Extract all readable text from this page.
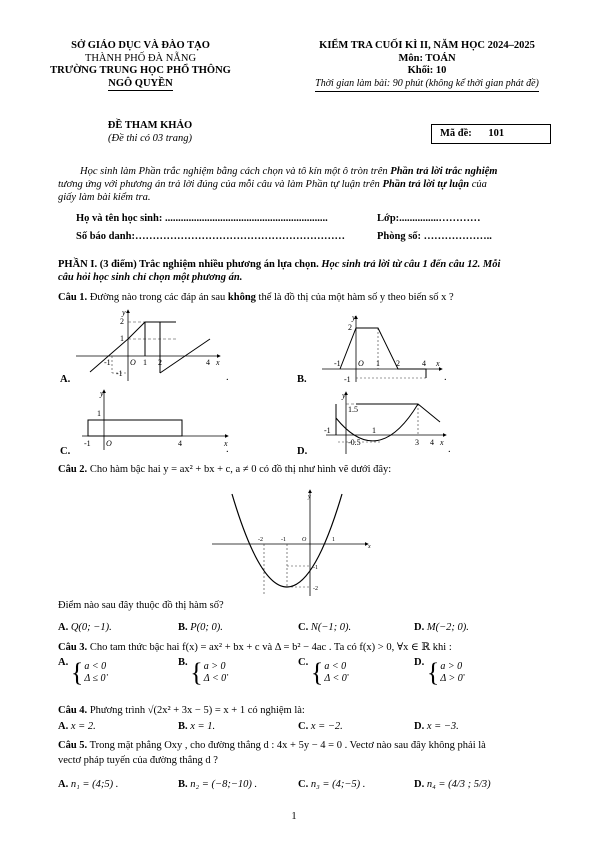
SỞ GIÁO DỤC VÀ ĐÀO TẠO
THÀNH PHỐ ĐÀ NẴNG
TRƯỜNG TRUNG HỌC PHỔ THÔNG
NGÔ QUYỀN
KIỂM TRA CUỐI KÌ II, NĂM HỌC 2024–2025
Môn: TOÁN
Khối: 10
Thời gian làm bài: 90 phút (không kể thời gian phát đề)
ĐỀ THAM KHẢO
(Đề thi có 03 trang)	Mã đề: 101
Học sinh làm Phần trắc nghiệm bằng cách chọn và tô kín một ô tròn trên Phần trả lời trắc nghiệm
tương ứng với phương án trả lời đúng của mỗi câu và làm Phần tự luận trên Phần trả lời tự luận của
giấy làm bài kiểm tra.
Họ và tên học sinh: ..............................................................	Lớp:...............…………
Số báo danh:……………………………………………………	Phòng số: ………………..
PHẦN I. (3 điểm) Trắc nghiệm nhiều phương án lựa chọn. Học sinh trả lời từ câu 1 đến câu 12. Mỗi
câu hỏi học sinh chỉ chọn một phương án.
Câu 1. Đường nào trong các đáp án sau không thể là đồ thị của một hàm số y theo biến số x ?
y
2
1
-1
-1 O 1 2	4 x
A.	.
y
2
-1
-1 O 1 2	4 x
B.	.
y
1
-1 O	4	x
C.	.
y
1.5
-0.5
-1	1
3 4 x
D.	.
Câu 2. Cho hàm bậc hai y = ax² + bx + c, a ≠ 0 có đồ thị như hình vẽ dưới đây:
y
-2	-1	O	1
-1
-2
x
Điểm nào sau đây thuộc đồ thị hàm số?
A. Q(0; −1).	B. P(0; 0).	C. N(−1; 0).	D. M(−2; 0).
Câu 3. Cho tam thức bậc hai f(x) = ax² + bx + c và Δ = b² − 4ac . Ta có f(x) > 0, ∀x ∈ ℝ khi :
A. { a < 0
Δ ≤ 0
.
B. { a > 0
Δ < 0
.
C. { a < 0
Δ < 0
.
D. { a > 0
Δ > 0
.
Câu 4. Phương trình √(2x² + 3x − 5) = x + 1 có nghiệm là:
A. x = 2.	B. x = 1.	C. x = −2.	D. x = −3.
Câu 5. Trong mặt phẳng Oxy , cho đường thẳng d : 4x + 5y − 4 = 0 . Vectơ nào sau đây không phải là
vectơ pháp tuyến của đường thẳng d ?
A. n₁ = (4;5) .	B. n₂ = (−8;−10) .	C. n₃ = (4;−5) .	D. n₄ = (4/3 ; 5/3)
1
